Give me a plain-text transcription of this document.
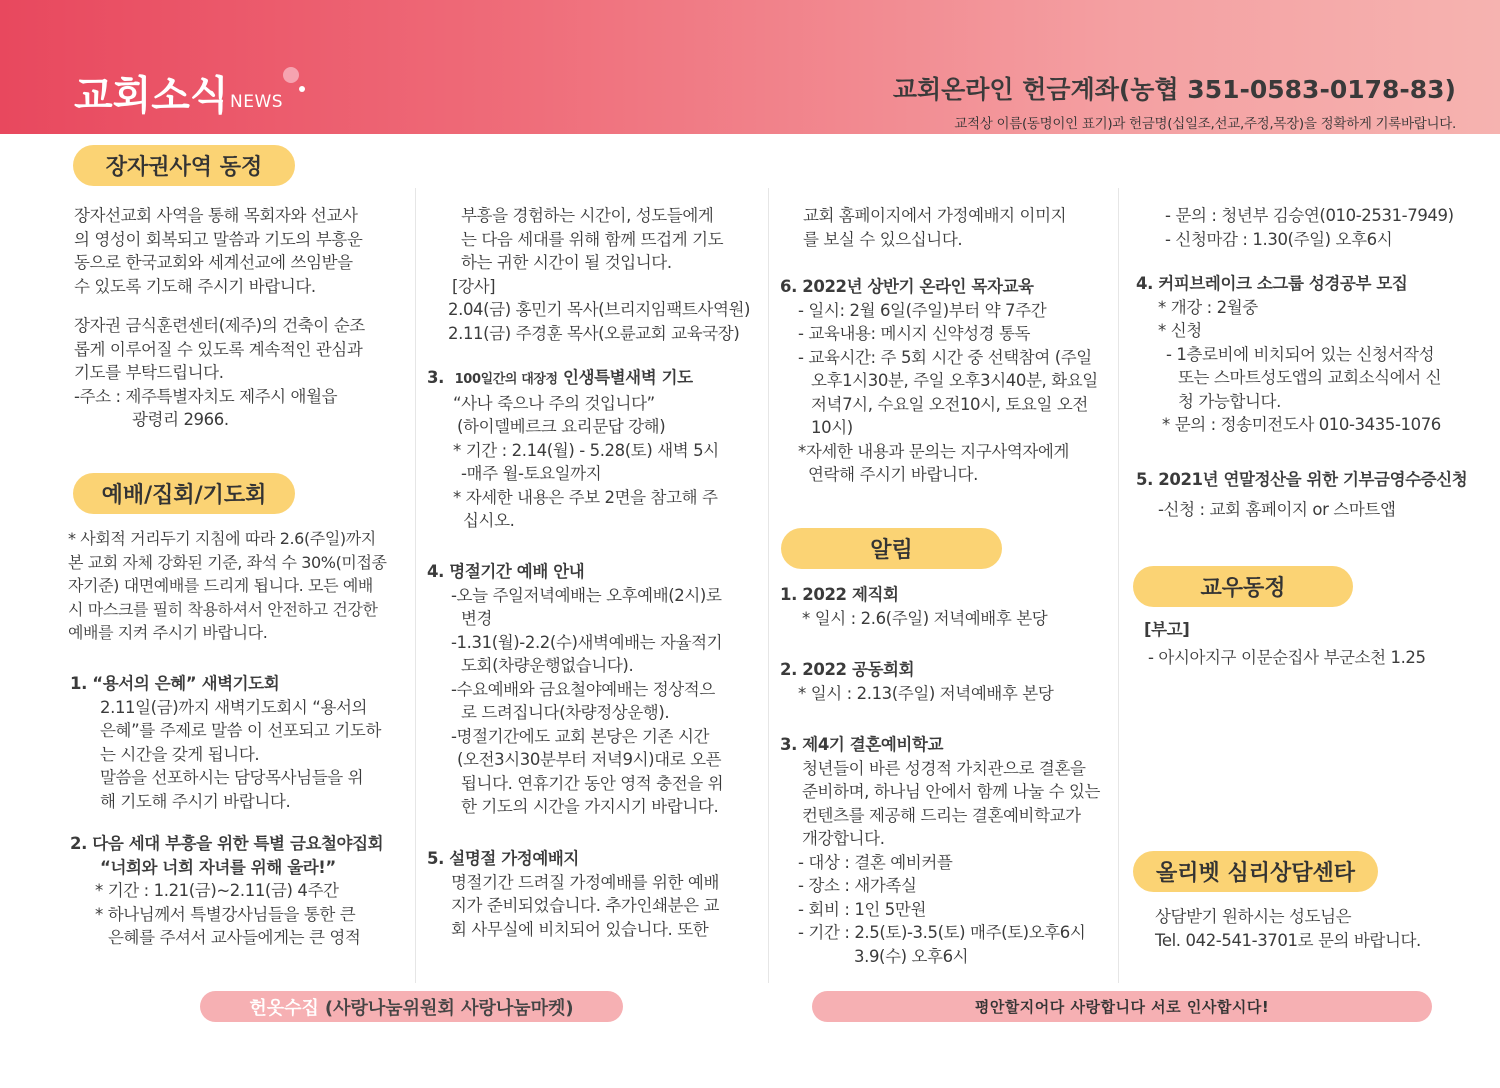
교회소식 NEWS	교회온라인 헌금계좌(농협 351-0583-0178-83)
교적상 이름(동명이인 표기)과 헌금명(십일조,선교,주정,목장)을 정확하게 기록바랍니다.
장자권사역 동정
장자선교회 사역을 통해 목회자와 선교사
의 영성이 회복되고 말씀과 기도의 부흥운
동으로 한국교회와 세계선교에 쓰임받을
수 있도록 기도해 주시기 바랍니다.
장자권 금식훈련센터(제주)의 건축이 순조
롭게 이루어질 수 있도록 계속적인 관심과
기도를 부탁드립니다.
-주소 : 제주특별자치도 제주시 애월읍
광령리 2966.
예배/집회/기도회
* 사회적 거리두기 지침에 따라 2.6(주일)까지
본 교회 자체 강화된 기준, 좌석 수 30%(미접종
자기준) 대면예배를 드리게 됩니다. 모든 예배
시 마스크를 필히 착용하셔서 안전하고 건강한
예배를 지켜 주시기 바랍니다.
1. “용서의 은혜” 새벽기도회
2.11일(금)까지 새벽기도회시 “용서의
은혜”를 주제로 말씀 이 선포되고 기도하
는 시간을 갖게 됩니다.
말씀을 선포하시는 담당목사님들을 위
해 기도해 주시기 바랍니다.
2. 다음 세대 부흥을 위한 특별 금요철야집회
“너희와 너희 자녀를 위해 울라!”
* 기간 : 1.21(금)~2.11(금) 4주간
* 하나님께서 특별강사님들을 통한 큰
은혜를 주셔서 교사들에게는 큰 영적
부흥을 경험하는 시간이, 성도들에게
는 다음 세대를 위해 함께 뜨겁게 기도
하는 귀한 시간이 될 것입니다.
[강사]
2.04(금) 홍민기 목사(브리지임팩트사역원)
2.11(금) 주경훈 목사(오륜교회 교육국장)
3. 100일간의 대장정 인생특별새벽 기도
“사나 죽으나 주의 것입니다”
(하이델베르크 요리문답 강해)
* 기간 : 2.14(월) - 5.28(토) 새벽 5시
-매주 월-토요일까지
* 자세한 내용은 주보 2면을 참고해 주
십시오.
4. 명절기간 예배 안내
-오늘 주일저녁예배는 오후예배(2시)로
변경
-1.31(월)-2.2(수)새벽예배는 자율적기
도회(차량운행없습니다).
-수요예배와 금요철야예배는 정상적으
로 드려집니다(차량정상운행).
-명절기간에도 교회 본당은 기존 시간
(오전3시30분부터 저녁9시)대로 오픈
됩니다. 연휴기간 동안 영적 충전을 위
한 기도의 시간을 가지시기 바랍니다.
5. 설명절 가정예배지
명절기간 드려질 가정예배를 위한 예배
지가 준비되었습니다. 추가인쇄분은 교
회 사무실에 비치되어 있습니다. 또한
교회 홈페이지에서 가정예배지 이미지
를 보실 수 있으십니다.
6. 2022년 상반기 온라인 목자교육
- 일시: 2월 6일(주일)부터 약 7주간
- 교육내용: 메시지 신약성경 통독
- 교육시간: 주 5회 시간 중 선택참여 (주일
오후1시30분, 주일 오후3시40분, 화요일
저녁7시, 수요일 오전10시, 토요일 오전
10시)
*자세한 내용과 문의는 지구사역자에게
연락해 주시기 바랍니다.
알림
1. 2022 제직회
* 일시 : 2.6(주일) 저녁예배후 본당
2. 2022 공동희회
* 일시 : 2.13(주일) 저녁예배후 본당
3. 제4기 결혼예비학교
청년들이 바른 성경적 가치관으로 결혼을
준비하며, 하나님 안에서 함께 나눌 수 있는
컨텐츠를 제공해 드리는 결혼예비학교가
개강합니다.
- 대상 : 결혼 예비커플
- 장소 : 새가족실
- 회비 : 1인 5만원
- 기간 : 2.5(토)-3.5(토) 매주(토)오후6시
3.9(수) 오후6시
- 문의 : 청년부 김승연(010-2531-7949)
- 신청마감 : 1.30(주일) 오후6시
4. 커피브레이크 소그룹 성경공부 모집
* 개강 : 2월중
* 신청
- 1층로비에 비치되어 있는 신청서작성
또는 스마트성도앱의 교회소식에서 신
청 가능합니다.
* 문의 : 정송미전도사 010-3435-1076
5. 2021년 연말정산을 위한 기부금영수증신청
-신청 : 교회 홈페이지 or 스마트앱
교우동정
[부고]
- 아시아지구 이문순집사 부군소천 1.25
올리벳 심리상담센타
상담받기 원하시는 성도님은
Tel. 042-541-3701로 문의 바랍니다.
헌옷수집 (사랑나눔위원회 사랑나눔마켓)	평안할지어다 사랑합니다 서로 인사합시다!
